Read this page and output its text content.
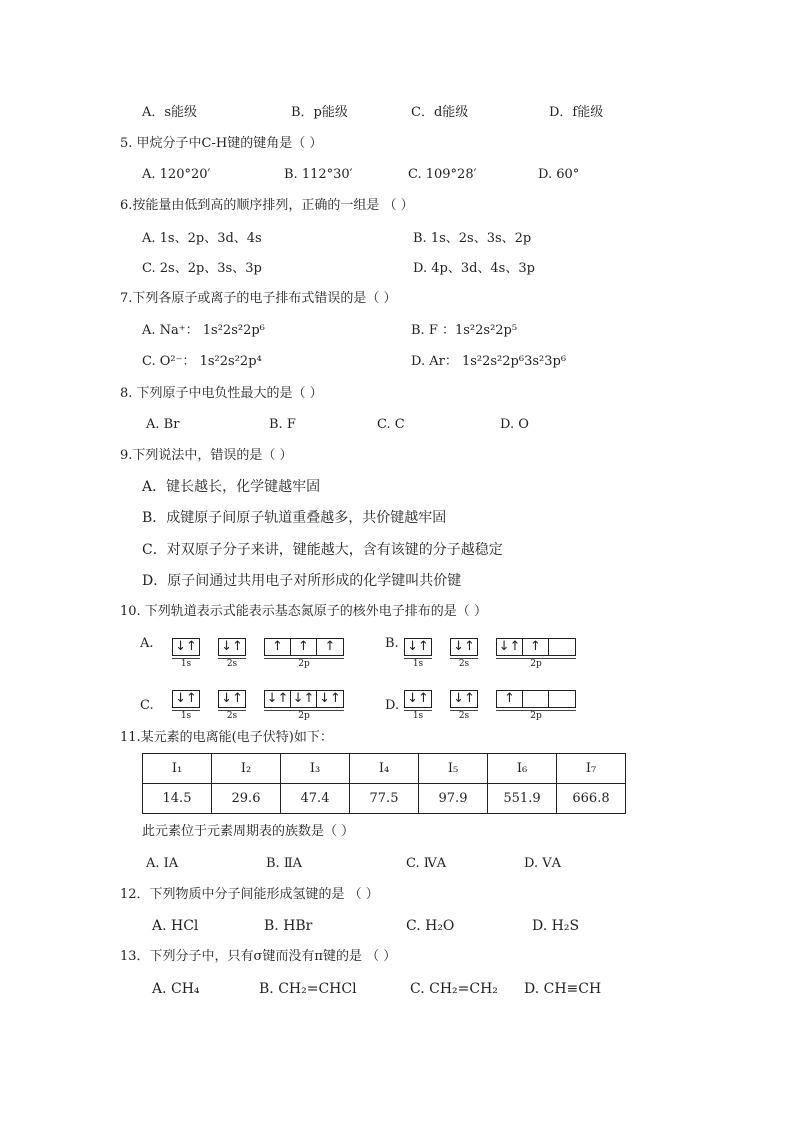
A．s能级	B．p能级	C．d能级	D．f能级
5. 甲烷分子中C-H键的键角是（ ）
A. 120°20′	B. 112°30′	C. 109°28′	D. 60°
6.按能量由低到高的顺序排列，正确的一组是 （ ）
A. 1s、2p、3d、4s	B. 1s、2s、3s、2p
C. 2s、2p、3s、3p	D. 4p、3d、4s、3p
7.下列各原子或离子的电子排布式错误的是（ ）
A. Na⁺： 1s²2s²2p⁶	B. F ：1s²2s²2p⁵
C. O²⁻： 1s²2s²2p⁴	D. Ar： 1s²2s²2p⁶3s²3p⁶
8. 下列原子中电负性最大的是（ ）
A. Br	B. F	C. C	D. O
9.下列说法中，错误的是（ ）
A．键长越长，化学键越牢固
B．成键原子间原子轨道重叠越多，共价键越牢固
C．对双原子分子来讲，键能越大，含有该键的分子越稳定
D．原子间通过共用电子对所形成的化学键叫共价键
10. 下列轨道表示式能表示基态氮原子的核外电子排布的是（ ）
A. ↓↑ ↓↑	↑	↑	↑
1s	2s	2p
B. ↓↑ ↓↑ ↓↑ ↑
1s	2s	2p
C. ↓↑ ↓↑ ↓↑ ↓↑ ↓↑
1s	2s	2p
D. ↓↑ ↓↑	↑
1s	2s	2p
11.某元素的电离能(电子伏特)如下：
I₁	I₂	I₃	I₄	I₅	I₆	I₇
14.5	29.6	47.4	77.5	97.9	551.9	666.8
此元素位于元素周期表的族数是（ ）
A. IA	B. ⅡA	C. ⅣA	D. ⅤA
12．下列物质中分子间能形成氢键的是 （ ）
A. HCl	B. HBr	C. H₂O	D. H₂S
13．下列分子中，只有σ键而没有π键的是 （ ）
A. CH₄	B. CH₂=CHCl	C. CH₂=CH₂ D. CH≡CH
